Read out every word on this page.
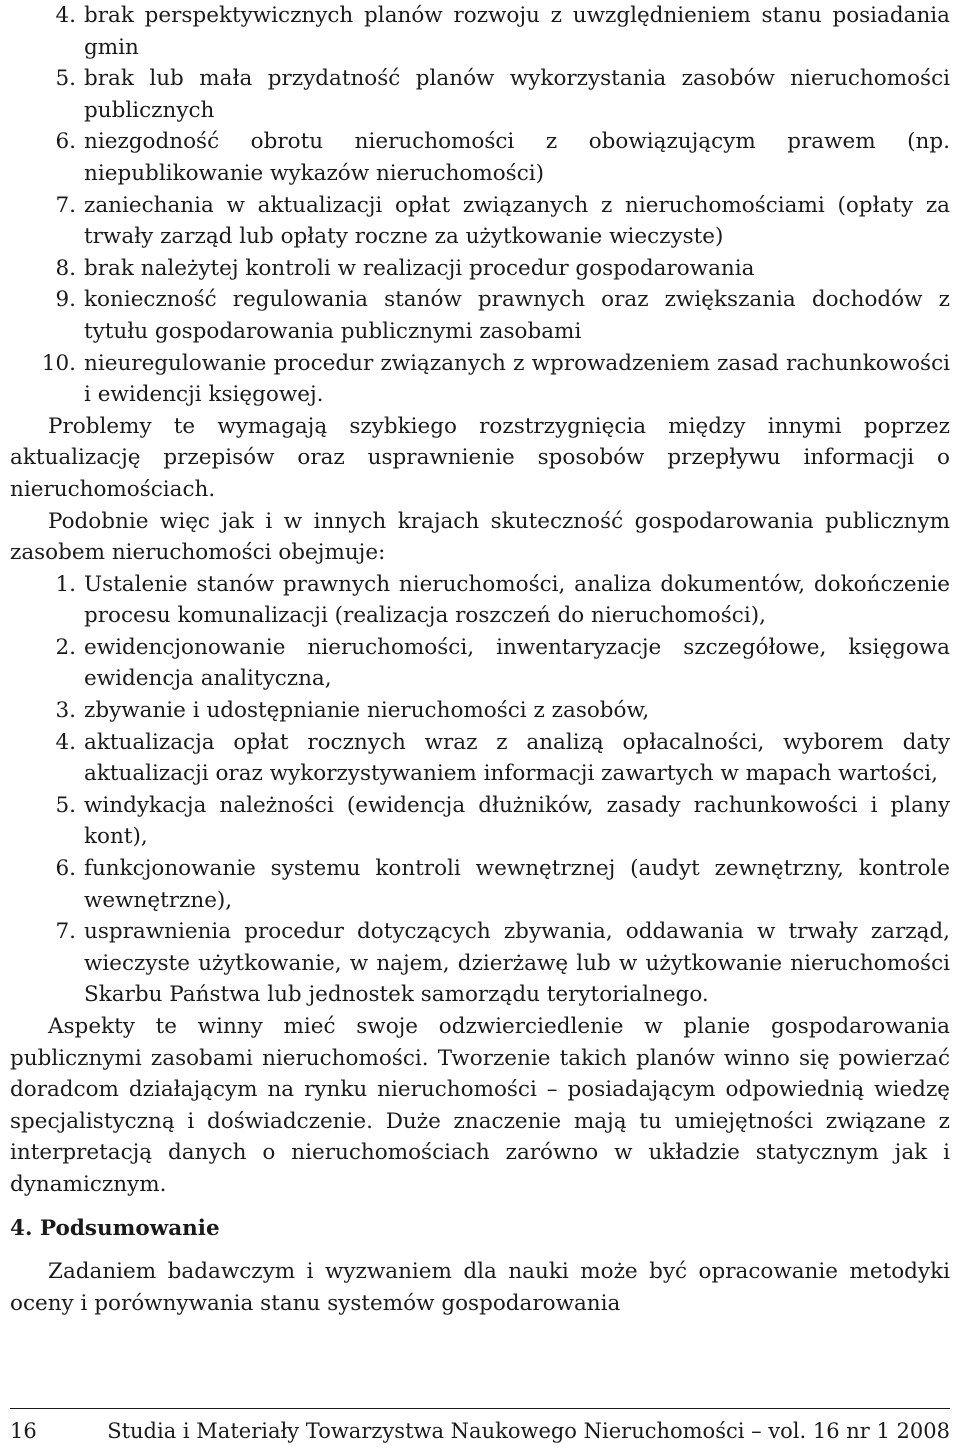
4. brak perspektywicznych planów rozwoju z uwzględnieniem stanu posiadania gmin
5. brak lub mała przydatność planów wykorzystania zasobów nieruchomości publicznych
6. niezgodność obrotu nieruchomości z obowiązującym prawem (np. niepublikowanie wykazów nieruchomości)
7. zaniechania w aktualizacji opłat związanych z nieruchomościami (opłaty za trwały zarząd lub opłaty roczne za użytkowanie wieczyste)
8. brak należytej kontroli w realizacji procedur gospodarowania
9. konieczność regulowania stanów prawnych oraz zwiększania dochodów z tytułu gospodarowania publicznymi zasobami
10. nieuregulowanie procedur związanych z wprowadzeniem zasad rachunkowości i ewidencji księgowej.

Problemy te wymagają szybkiego rozstrzygnięcia między innymi poprzez aktualizację przepisów oraz usprawnienie sposobów przepływu informacji o nieruchomościach.

Podobnie więc jak i w innych krajach skuteczność gospodarowania publicznym zasobem nieruchomości obejmuje:

1. Ustalenie stanów prawnych nieruchomości, analiza dokumentów, dokończenie procesu komunalizacji (realizacja roszczeń do nieruchomości),
2. ewidencjonowanie nieruchomości, inwentaryzacje szczegółowe, księgowa ewidencja analityczna,
3. zbywanie i udostępnianie nieruchomości z zasobów,
4. aktualizacja opłat rocznych wraz z analizą opłacalności, wyborem daty aktualizacji oraz wykorzystywaniem informacji zawartych w mapach wartości,
5. windykacja należności (ewidencja dłużników, zasady rachunkowości i plany kont),
6. funkcjonowanie systemu kontroli wewnętrznej (audyt zewnętrzny, kontrole wewnętrzne),
7. usprawnienia procedur dotyczących zbywania, oddawania w trwały zarząd, wieczyste użytkowanie, w najem, dzierżawę lub w użytkowanie nieruchomości Skarbu Państwa lub jednostek samorządu terytorialnego.

Aspekty te winny mieć swoje odzwierciedlenie w planie gospodarowania publicznymi zasobami nieruchomości. Tworzenie takich planów winno się powierzać doradcom działającym na rynku nieruchomości – posiadającym odpowiednią wiedzę specjalistyczną i doświadczenie. Duże znaczenie mają tu umiejętności związane z interpretacją danych o nieruchomościach zarówno w układzie statycznym jak i dynamicznym.

4. Podsumowanie

Zadaniem badawczym i wyzwaniem dla nauki może być opracowanie metodyki oceny i porównywania stanu systemów gospodarowania

16	Studia i Materiały Towarzystwa Naukowego Nieruchomości – vol. 16 nr 1 2008
